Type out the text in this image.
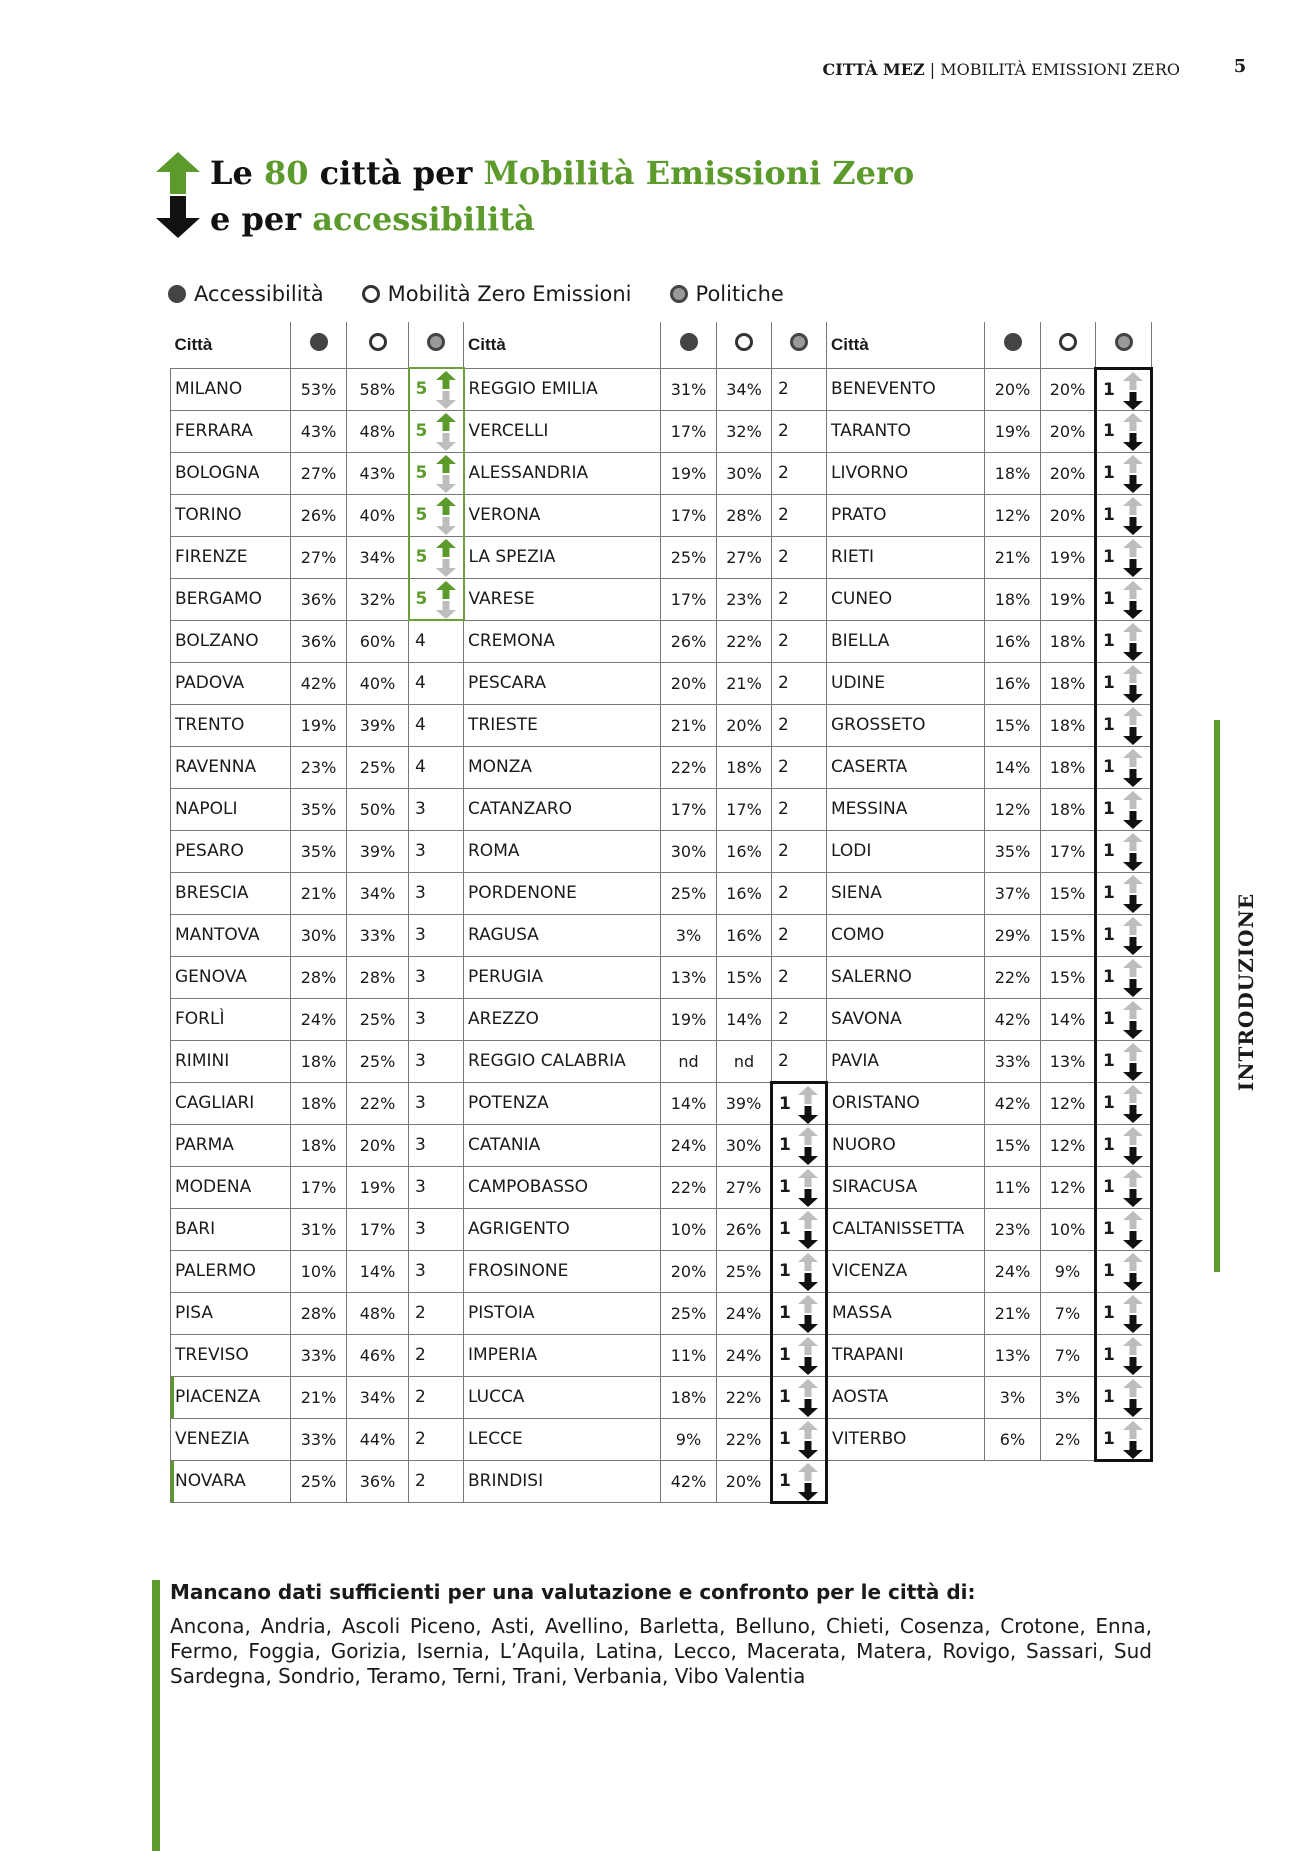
CITTÀ MEZ | MOBILITÀ EMISSIONI ZERO	5
Le 80 città per Mobilità Emissioni Zero
e per accessibilità
Accessibilità	Mobilità Zero Emissioni	Politiche
Città				Città				Città			
MILANO	53%	58%	5	REGGIO EMILIA	31%	34%	2	BENEVENTO	20%	20%	1

FERRARA	43%	48%	5	VERCELLI	17%	32%	2	TARANTO	19%	20%	1

BOLOGNA	27%	43%	5	ALESSANDRIA	19%	30%	2	LIVORNO	18%	20%	1

TORINO	26%	40%	5	VERONA	17%	28%	2	PRATO	12%	20%	1

FIRENZE	27%	34%	5	LA SPEZIA	25%	27%	2	RIETI	21%	19%	1

BERGAMO	36%	32%	5	VARESE	17%	23%	2	CUNEO	18%	19%	1

BOLZANO	36%	60%	4	CREMONA	26%	22%	2	BIELLA	16%	18%	1

PADOVA	42%	40%	4	PESCARA	20%	21%	2	UDINE	16%	18%	1

TRENTO	19%	39%	4	TRIESTE	21%	20%	2	GROSSETO	15%	18%	1

RAVENNA	23%	25%	4	MONZA	22%	18%	2	CASERTA	14%	18%	1

NAPOLI	35%	50%	3	CATANZARO	17%	17%	2	MESSINA	12%	18%	1

PESARO	35%	39%	3	ROMA	30%	16%	2	LODI	35%	17%	1

BRESCIA	21%	34%	3	PORDENONE	25%	16%	2	SIENA	37%	15%	1

MANTOVA	30%	33%	3	RAGUSA	3%	16%	2	COMO	29%	15%	1

GENOVA	28%	28%	3	PERUGIA	13%	15%	2	SALERNO	22%	15%	1

FORLÌ	24%	25%	3	AREZZO	19%	14%	2	SAVONA	42%	14%	1

RIMINI	18%	25%	3	REGGIO CALABRIA	nd	nd	2	PAVIA	33%	13%	1

CAGLIARI	18%	22%	3	POTENZA	14%	39%	1	ORISTANO	42%	12%	1

PARMA	18%	20%	3	CATANIA	24%	30%	1	NUORO	15%	12%	1

MODENA	17%	19%	3	CAMPOBASSO	22%	27%	1	SIRACUSA	11%	12%	1

BARI	31%	17%	3	AGRIGENTO	10%	26%	1	CALTANISSETTA	23%	10%	1

PALERMO	10%	14%	3	FROSINONE	20%	25%	1	VICENZA	24%	9%	1

PISA	28%	48%	2	PISTOIA	25%	24%	1	MASSA	21%	7%	1

TREVISO	33%	46%	2	IMPERIA	11%	24%	1	TRAPANI	13%	7%	1

PIACENZA	21%	34%	2	LUCCA	18%	22%	1	AOSTA	3%	3%	1

VENEZIA	33%	44%	2	LECCE	9%	22%	1	VITERBO	6%	2%	1

NOVARA	25%	36%	2	BRINDISI	42%	20%	1

INTRODUZIONE
Mancano dati sufficienti per una valutazione e confronto per le città di:
Ancona, Andria, Ascoli Piceno, Asti, Avellino, Barletta, Belluno, Chieti, Cosenza, Crotone, Enna, Fermo, Foggia, Gorizia, Isernia, L’Aquila, Latina, Lecco, Macerata, Matera, Rovigo, Sassari, Sud Sardegna, Sondrio, Teramo, Terni, Trani, Verbania, Vibo Valentia
